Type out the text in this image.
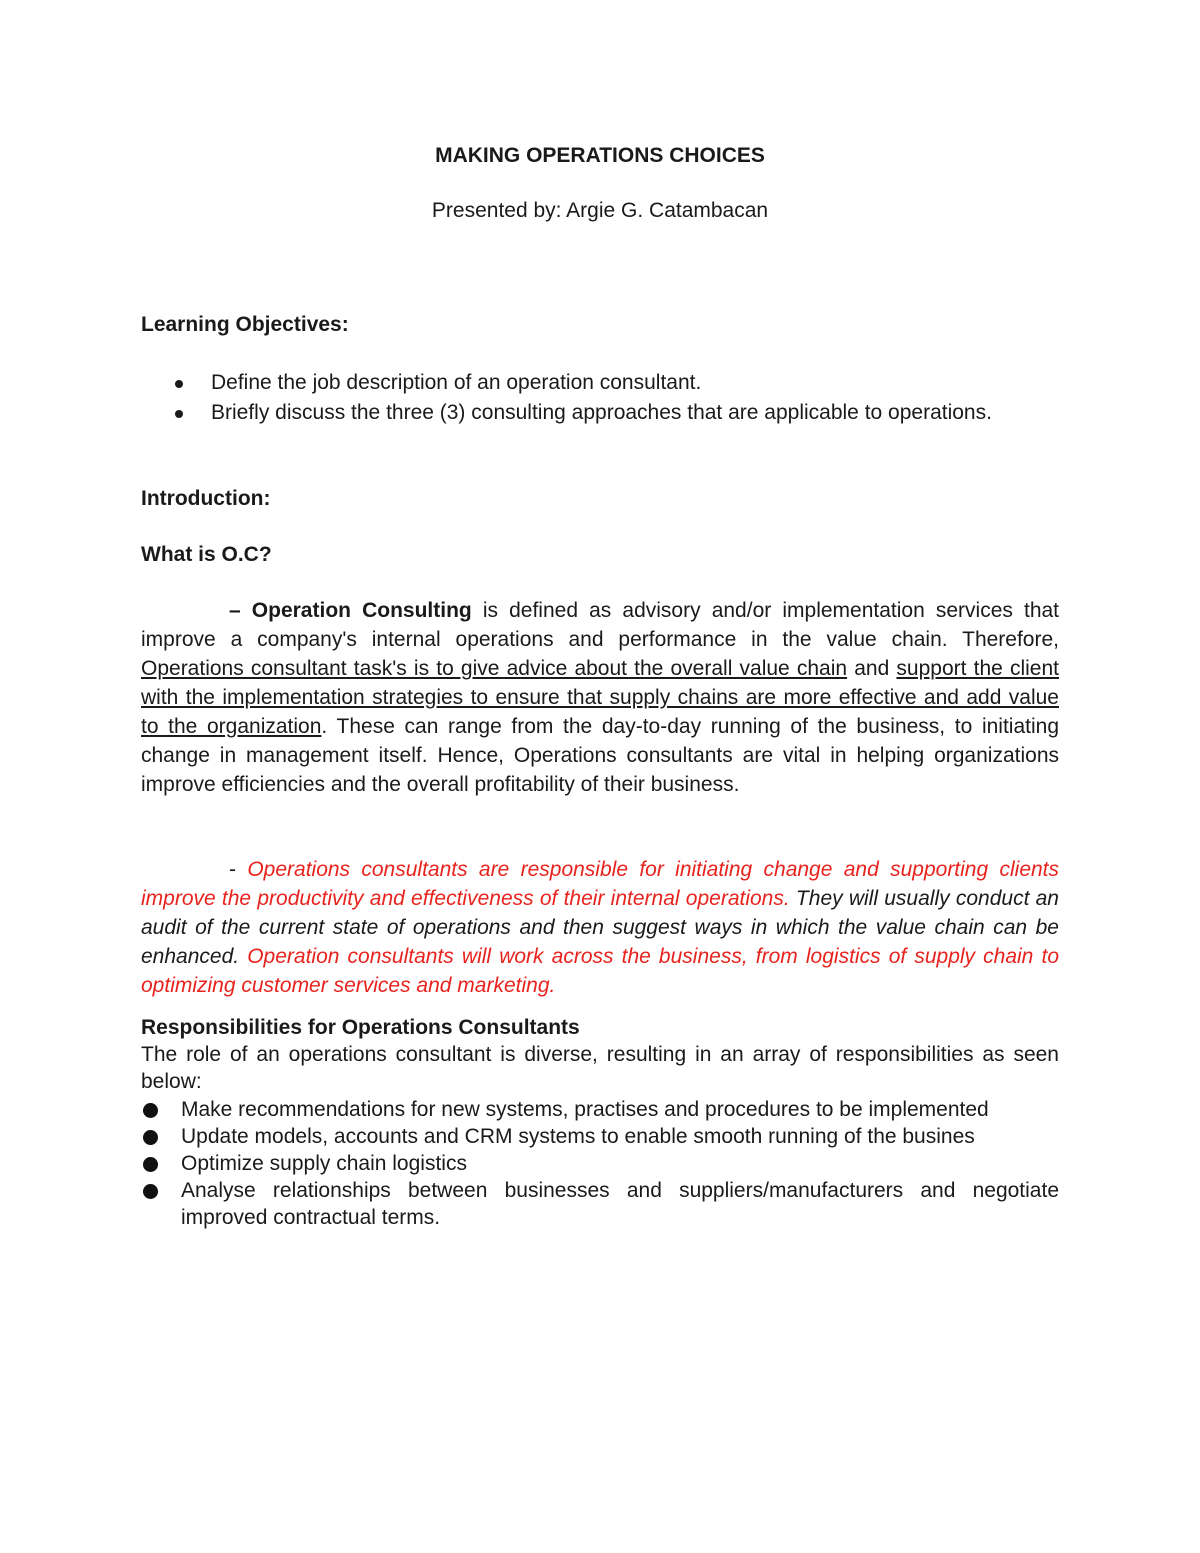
MAKING OPERATIONS CHOICES
Presented by: Argie G. Catambacan
Learning Objectives:
Define the job description of an operation consultant.
Briefly discuss the three (3) consulting approaches that are applicable to operations.
Introduction:
What is O.C?

– Operation Consulting is defined as advisory and/or implementation services that improve a company's internal operations and performance in the value chain. Therefore, Operations consultant task's is to give advice about the overall value chain and support the client with the implementation strategies to ensure that supply chains are more effective and add value to the organization. These can range from the day-to-day running of the business, to initiating change in management itself. Hence, Operations consultants are vital in helping organizations improve efficiencies and the overall profitability of their business.

- Operations consultants are responsible for initiating change and supporting clients improve the productivity and effectiveness of their internal operations. They will usually conduct an audit of the current state of operations and then suggest ways in which the value chain can be enhanced. Operation consultants will work across the business, from logistics of supply chain to optimizing customer services and marketing.

Responsibilities for Operations Consultants

The role of an operations consultant is diverse, resulting in an array of responsibilities as seen below:

Make recommendations for new systems, practises and procedures to be implemented
Update models, accounts and CRM systems to enable smooth running of the busines
Optimize supply chain logistics
Analyse relationships between businesses and suppliers/manufacturers and negotiate improved contractual terms.
